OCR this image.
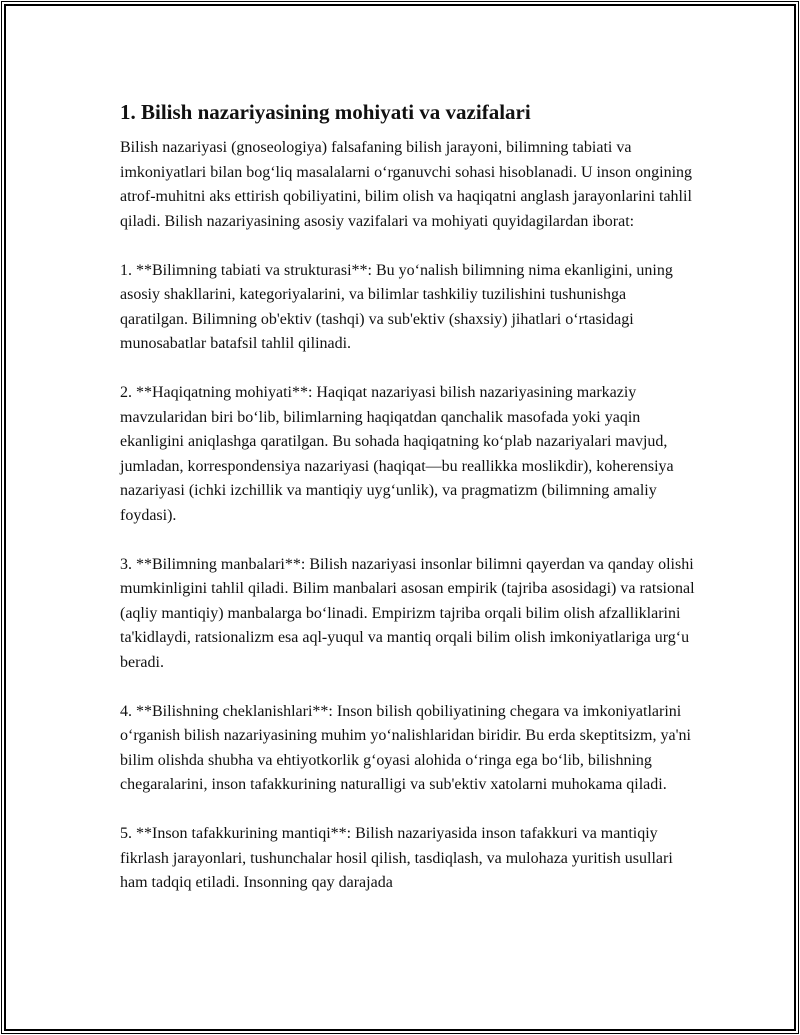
1. Bilish nazariyasining mohiyati va vazifalari

Bilish nazariyasi (gnoseologiya) falsafaning bilish jarayoni, bilimning tabiati va imkoniyatlari bilan bog‘liq masalalarni o‘rganuvchi sohasi hisoblanadi. U inson ongining atrof-muhitni aks ettirish qobiliyatini, bilim olish va haqiqatni anglash jarayonlarini tahlil qiladi. Bilish nazariyasining asosiy vazifalari va mohiyati quyidagilardan iborat:

1. **Bilimning tabiati va strukturasi**: Bu yo‘nalish bilimning nima ekanligini, uning asosiy shakllarini, kategoriyalarini, va bilimlar tashkiliy tuzilishini tushunishga qaratilgan. Bilimning ob'ektiv (tashqi) va sub'ektiv (shaxsiy) jihatlari o‘rtasidagi munosabatlar batafsil tahlil qilinadi.

2. **Haqiqatning mohiyati**: Haqiqat nazariyasi bilish nazariyasining markaziy mavzularidan biri bo‘lib, bilimlarning haqiqatdan qanchalik masofada yoki yaqin ekanligini aniqlashga qaratilgan. Bu sohada haqiqatning ko‘plab nazariyalari mavjud, jumladan, korrespondensiya nazariyasi (haqiqat—bu reallikka moslikdir), koherensiya nazariyasi (ichki izchillik va mantiqiy uyg‘unlik), va pragmatizm (bilimning amaliy foydasi).

3. **Bilimning manbalari**: Bilish nazariyasi insonlar bilimni qayerdan va qanday olishi mumkinligini tahlil qiladi. Bilim manbalari asosan empirik (tajriba asosidagi) va ratsional (aqliy mantiqiy) manbalarga bo‘linadi. Empirizm tajriba orqali bilim olish afzalliklarini ta'kidlaydi, ratsionalizm esa aql-yuqul va mantiq orqali bilim olish imkoniyatlariga urg‘u beradi.

4. **Bilishning cheklanishlari**: Inson bilish qobiliyatining chegara va imkoniyatlarini o‘rganish bilish nazariyasining muhim yo‘nalishlaridan biridir. Bu erda skeptitsizm, ya'ni bilim olishda shubha va ehtiyotkorlik g‘oyasi alohida o‘ringa ega bo‘lib, bilishning chegaralarini, inson tafakkurining naturalligi va sub'ektiv xatolarni muhokama qiladi.

5. **Inson tafakkurining mantiqi**: Bilish nazariyasida inson tafakkuri va mantiqiy fikrlash jarayonlari, tushunchalar hosil qilish, tasdiqlash, va mulohaza yuritish usullari ham tadqiq etiladi. Insonning qay darajada
